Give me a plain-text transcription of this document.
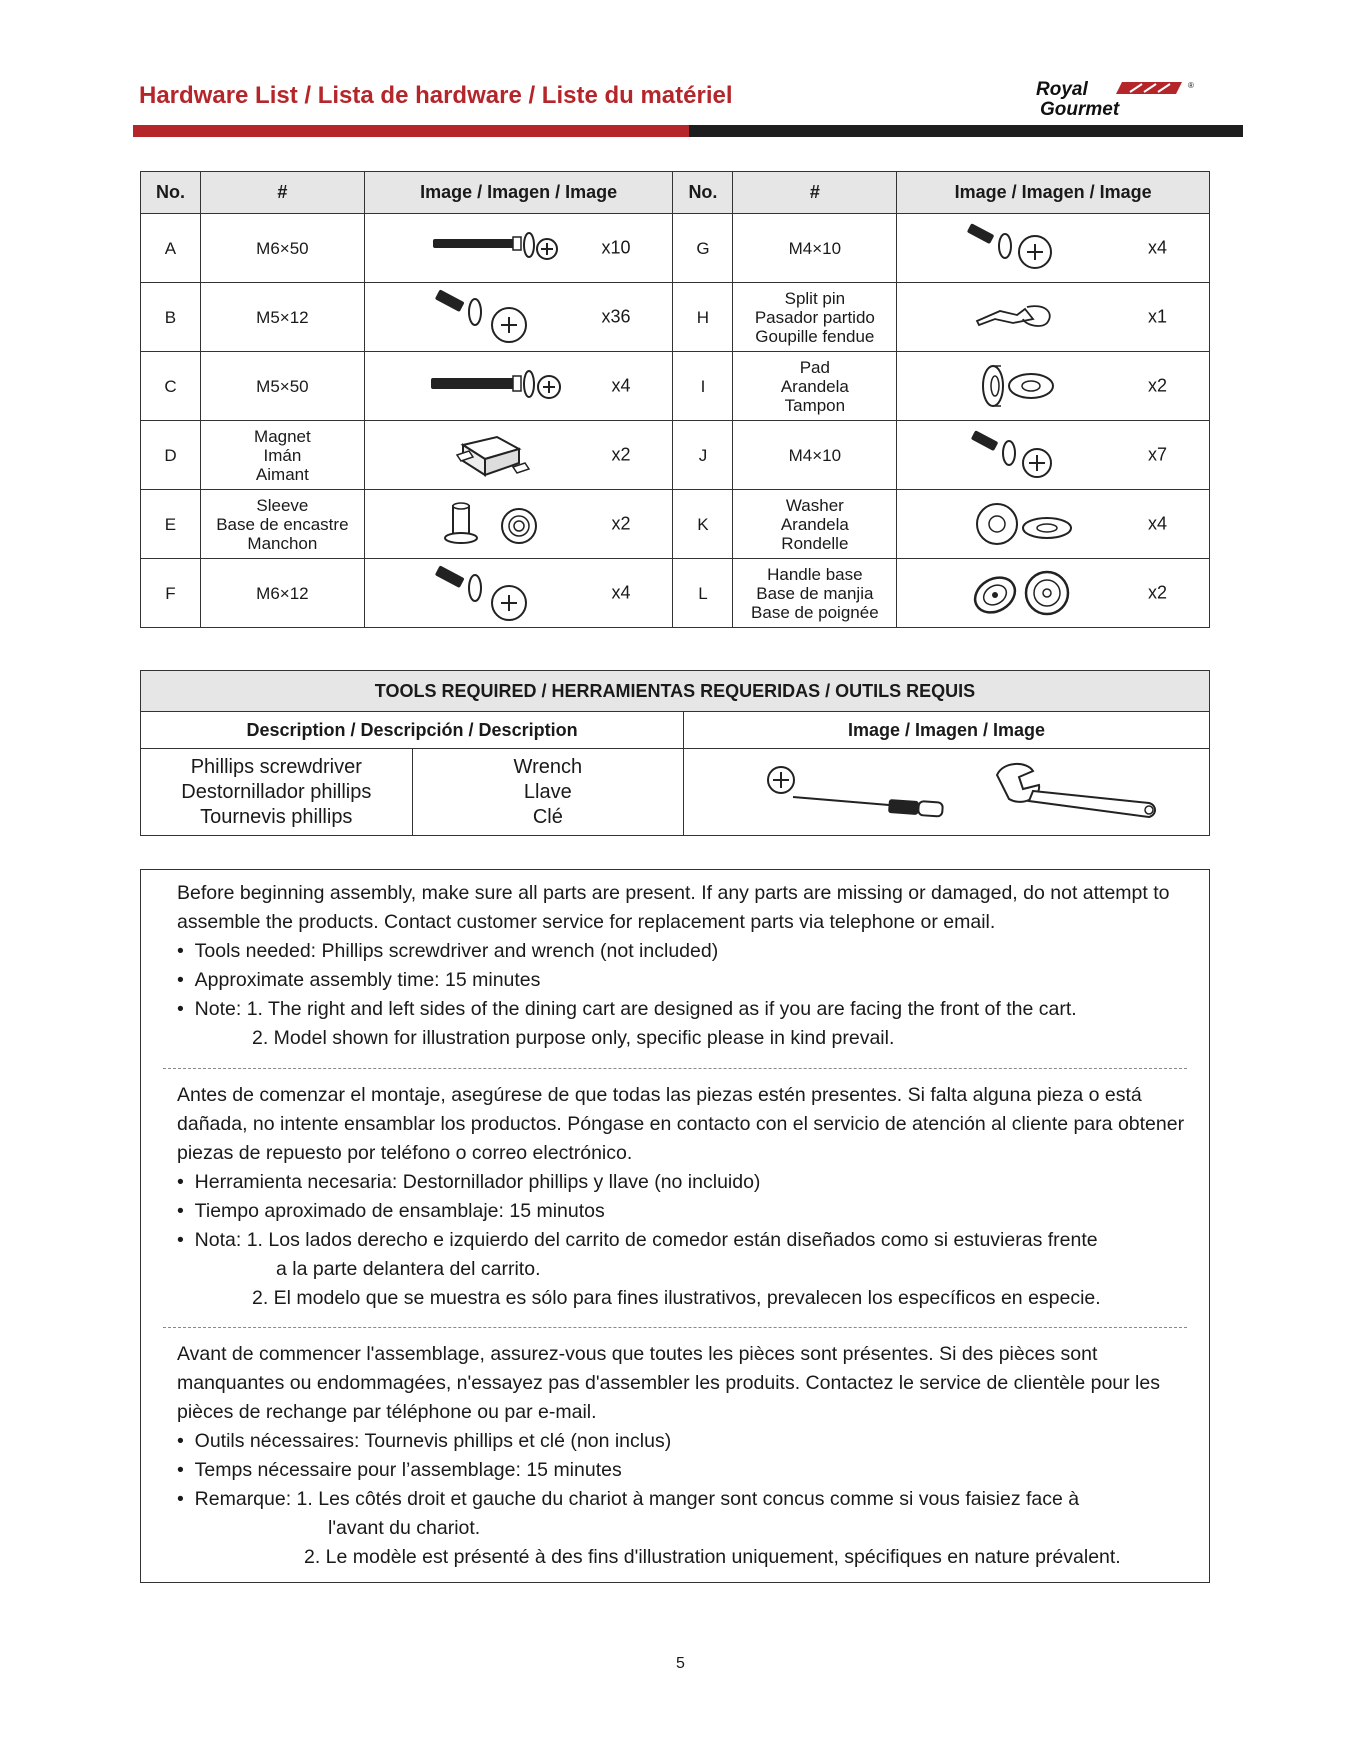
Hardware List / Lista de hardware / Liste du matériel	Royal
Gourmet
®
No.	#	Image / Imagen / Image	No.	#	Image / Imagen / Image
A	M6×50	x10	G	M4×10	x4

B	M5×12	x36	H	Split pin
Pasador partido
Goupille fendue	x1

C	M5×50	x4	I	Pad
Arandela
Tampon	x2

D	Magnet
Imán
Aimant	x2	J	M4×10	x7

E	Sleeve
Base de encastre
Manchon	x2	K	Washer
Arandela
Rondelle	x4

F	M6×12	x4	L	Handle base
Base de manjia
Base de poignée	x2
TOOLS REQUIRED / HERRAMIENTAS REQUERIDAS / OUTILS REQUIS		
Description / Descripción / Description		Image / Imagen / Image

Phillips screwdriver
Destornillador phillips
Tournevis phillips	Wrench
Llave
Clé

Before beginning assembly, make sure all parts are present. If any parts are missing or damaged, do not attempt to assemble the products. Contact customer service for replacement parts via telephone or email.

•  Tools needed: Phillips screwdriver and wrench (not included)

•  Approximate assembly time: 15 minutes

•  Note: 1. The right and left sides of the dining cart are designed as if you are facing the front of the cart.

2. Model shown for illustration purpose only, specific please in kind prevail.

Antes de comenzar el montaje, asegúrese de que todas las piezas estén presentes. Si falta alguna pieza o está dañada, no intente ensamblar los productos. Póngase en contacto con el servicio de atención al cliente para obtener piezas de repuesto por teléfono o correo electrónico.

•  Herramienta necesaria: Destornillador phillips y llave (no incluido)

•  Tiempo aproximado de ensamblaje: 15 minutos

•  Nota: 1. Los lados derecho e izquierdo del carrito de comedor están diseñados como si estuvieras frente

a la parte delantera del carrito.

2. El modelo que se muestra es sólo para fines ilustrativos, prevalecen los específicos en especie.

Avant de commencer l'assemblage, assurez-vous que toutes les pièces sont présentes. Si des pièces sont manquantes ou endommagées, n'essayez pas d'assembler les produits. Contactez le service de clientèle pour les pièces de rechange par téléphone ou par e-mail.

•  Outils nécessaires: Tournevis phillips et clé (non inclus)

•  Temps nécessaire pour l’assemblage: 15 minutes

•  Remarque: 1. Les côtés droit et gauche du chariot à manger sont concus comme si vous faisiez face à

l'avant du chariot.

2. Le modèle est présenté à des fins d'illustration uniquement, spécifiques en nature prévalent.

5
